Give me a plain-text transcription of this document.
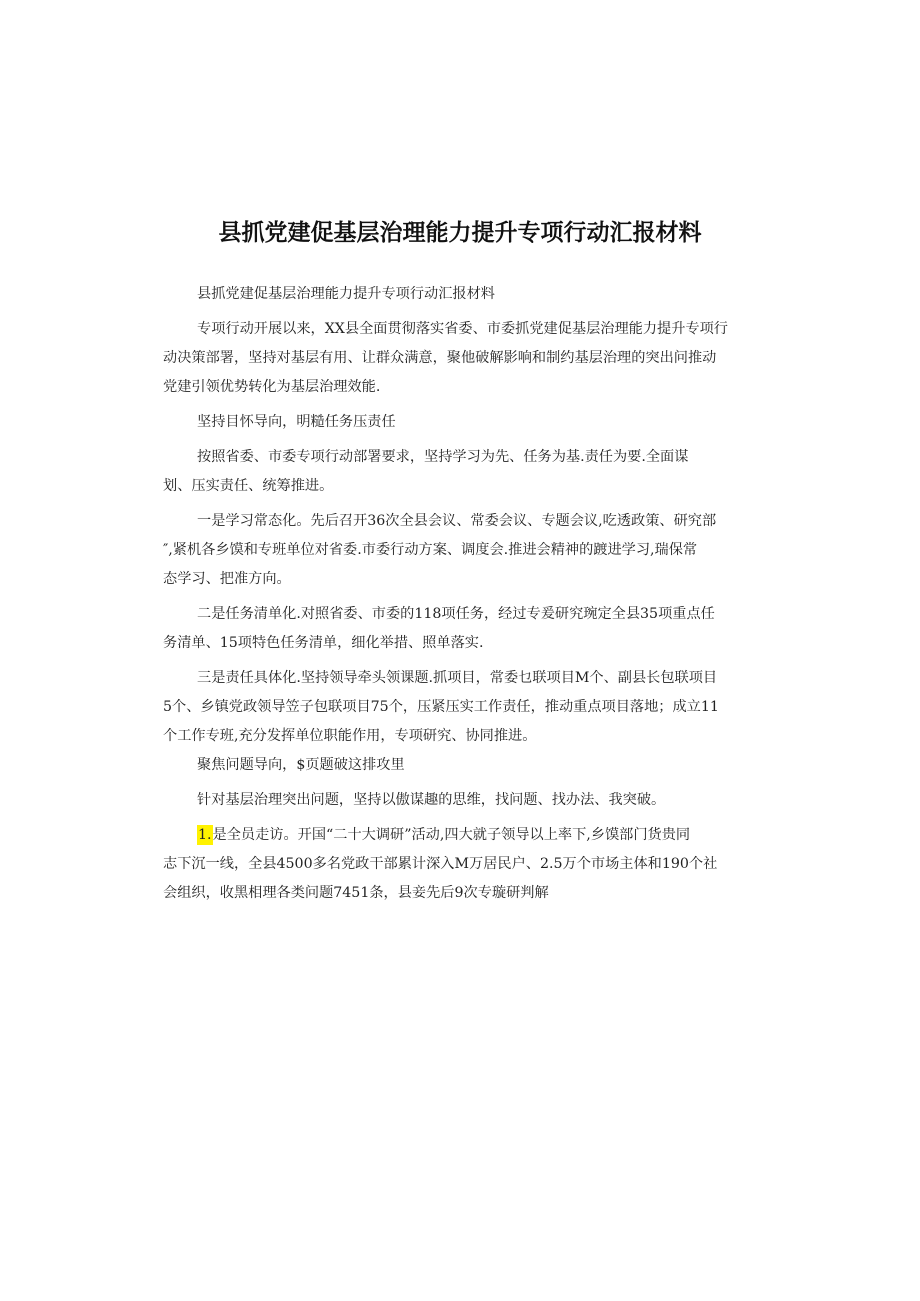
县抓党建促基层治理能力提升专项行动汇报材料
县抓党建促基层治理能力提升专项行动汇报材料
专项行动开展以来，XX县全面贯彻落实省委、市委抓党建促基层治理能力提升专项行
动决策部署，坚持对基层有用、让群众满意，聚他破解影响和制约基层治理的突出问推动
党建引领优势转化为基层治理效能.
坚持目怀导向，明糙任务压责任
按照省委、市委专项行动部署要求，坚持学习为先、任务为基.责任为要.全面谋
划、压实责任、统筹推进。
一是学习常态化。先后召开36次全县会议、常委会议、专题会议,吃透政策、研究部
″,紧机各乡馍和专班单位对省委.市委行动方案、调度会.推进会精神的踱进学习,瑞保常
态学习、把准方向。
二是任务清单化.对照省委、市委的118项任务，经过专爰研究琬定全县35项重点任
务清单、15项特色任务清单，细化举措、照单落实.
三是责任具体化.坚持领导牵头领课题.抓项目，常委乜联项目M个、副县长包联项目
5个、乡镇党政领导笠子包联项目75个，压紧压实工作责任，推动重点项目落地；成立11
个工作专班,充分发挥单位职能作用，专项研究、协同推进。
聚焦问题导向，$页题破这排攻里
针对基层治理突出问题，坚持以傲谋趣的思维，找问题、找办法、我突破。
1.是全员走访。开国“二十大调研”活动,四大就子领导以上率下,乡馍部门货贵同
志下沉一线，全县4500多名党政干部累计深入M万居民户、2.5万个市场主体和190个社
会组织，收黑相理各类问题7451条，县妾先后9次专璇研判解
